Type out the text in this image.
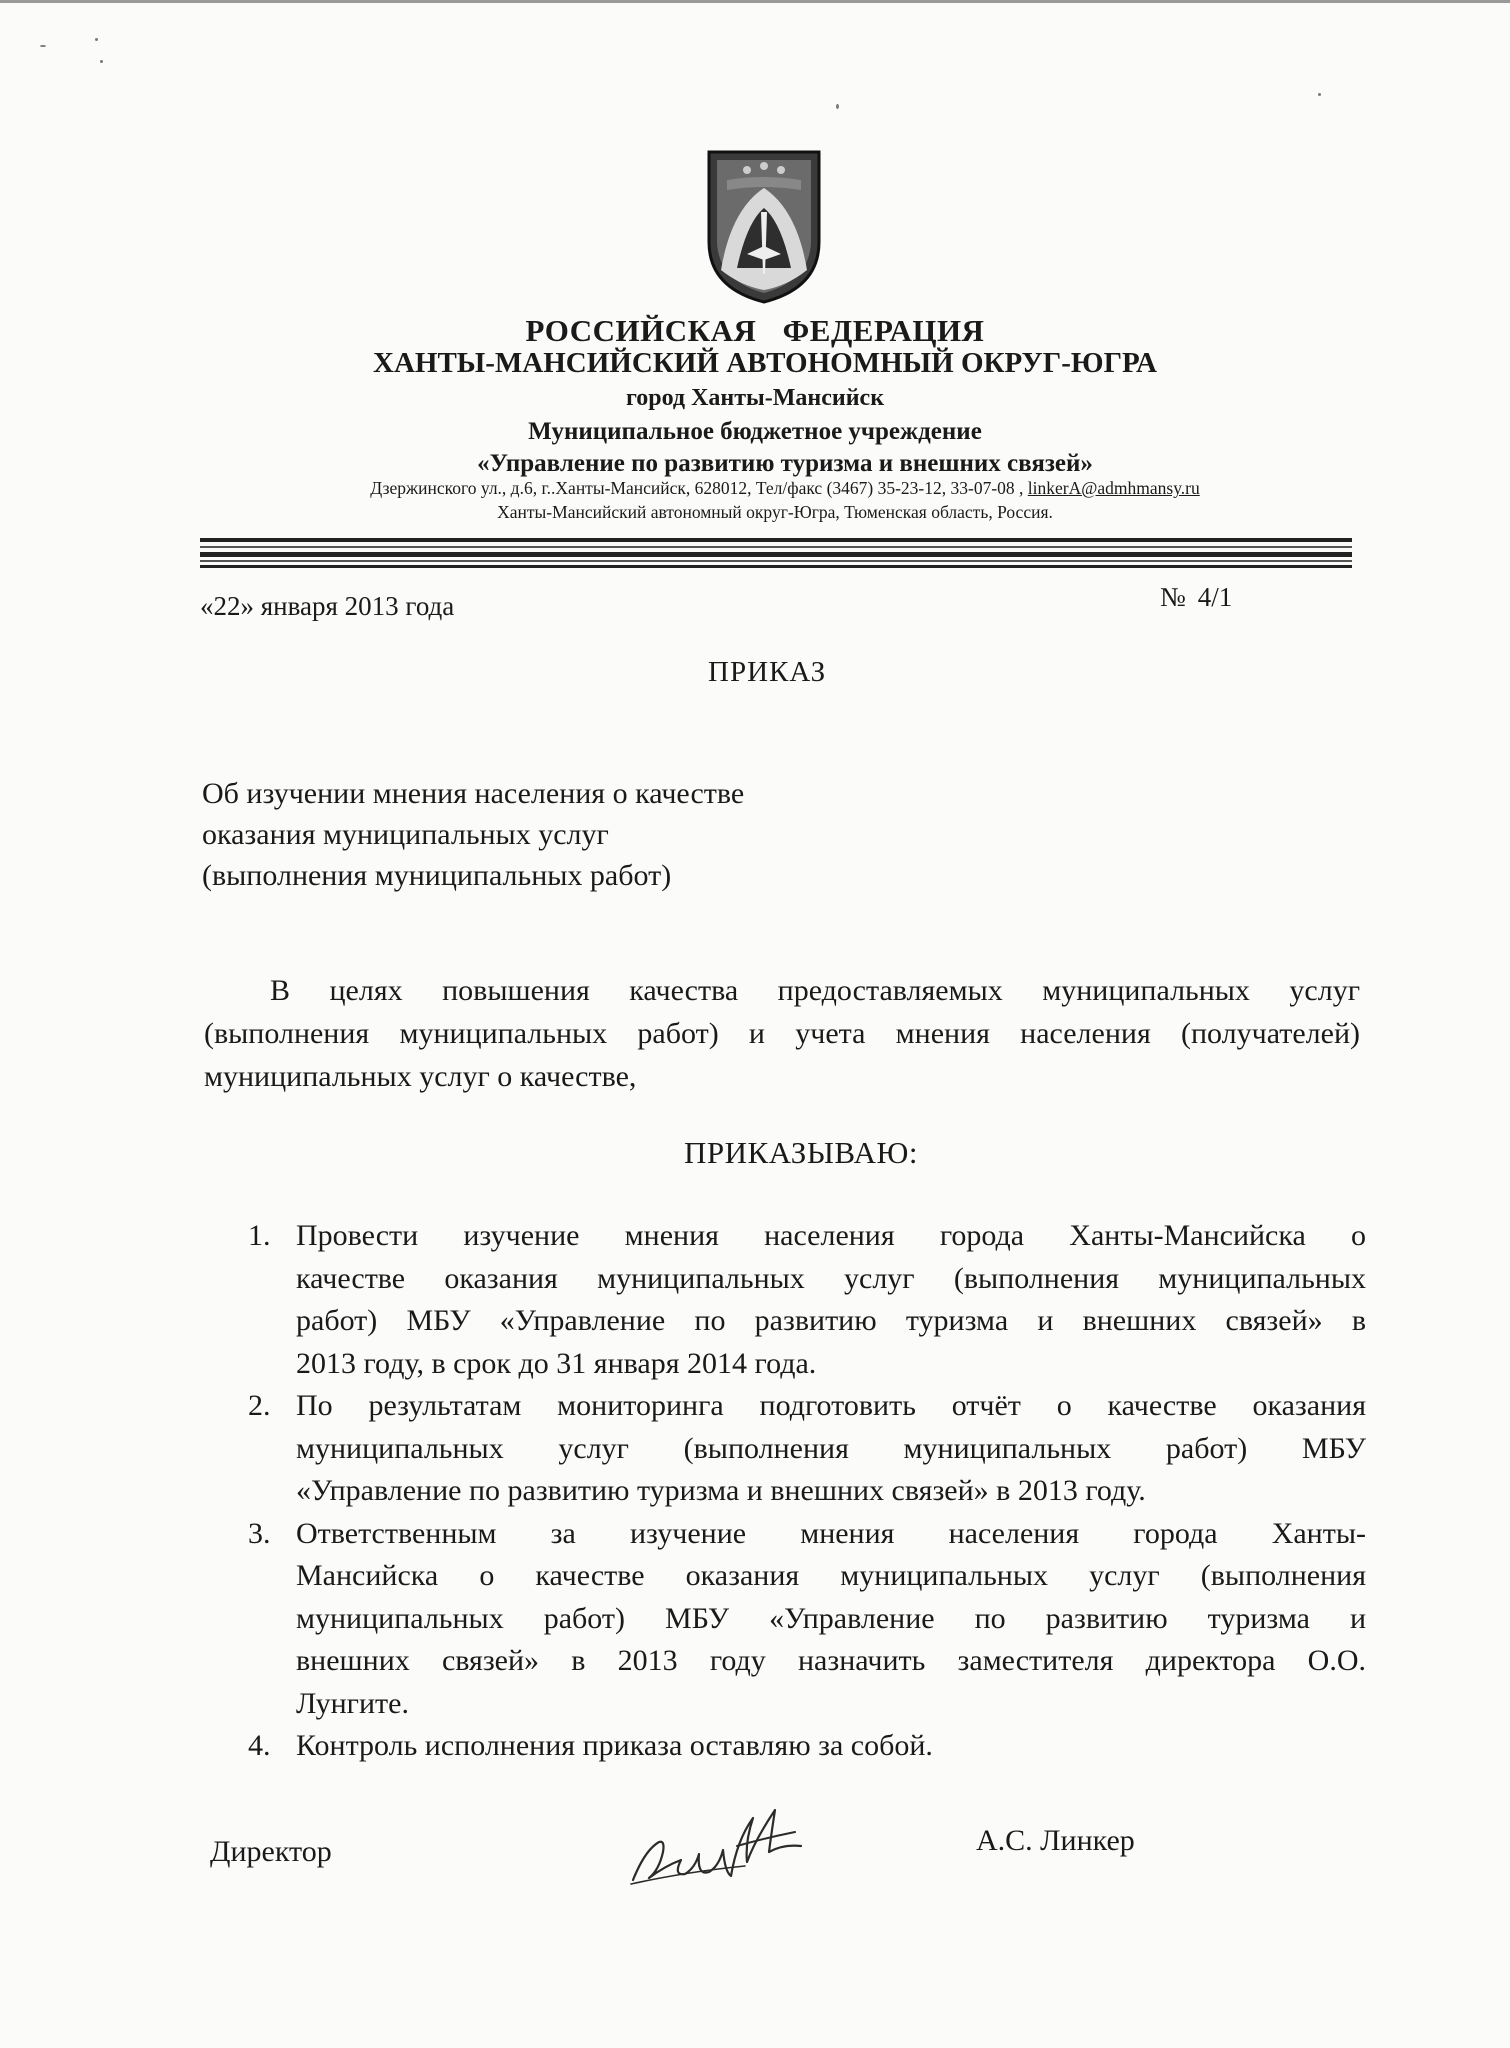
РОССИЙСКАЯ ФЕДЕРАЦИЯ
ХАНТЫ-МАНСИЙСКИЙ АВТОНОМНЫЙ ОКРУГ-ЮГРА
город Ханты-Мансийск
Муниципальное бюджетное учреждение
«Управление по развитию туризма и внешних связей»
Дзержинского ул., д.6, г..Ханты-Мансийск, 628012, Тел/факс (3467) 35-23-12, 33-07-08 , linkerA@admhmansy.ru
Ханты-Мансийский автономный округ-Югра, Тюменская область, Россия.
«22» января 2013 года	№ 4/1
ПРИКАЗ
Об изучении мнения населения о качестве
оказания муниципальных услуг
(выполнения муниципальных работ)
В целях повышения качества предоставляемых муниципальных услуг
(выполнения муниципальных работ) и учета мнения населения (получателей)
муниципальных услуг о качестве,
ПРИКАЗЫВАЮ:
1. Провести изучение мнения населения города Ханты-Мансийска о
качестве оказания муниципальных услуг (выполнения муниципальных
работ) МБУ «Управление по развитию туризма и внешних связей» в
2013 году, в срок до 31 января 2014 года.
2. По результатам мониторинга подготовить отчёт о качестве оказания
муниципальных услуг (выполнения муниципальных работ) МБУ
«Управление по развитию туризма и внешних связей» в 2013 году.
3. Ответственным за изучение мнения населения города Ханты-
Мансийска о качестве оказания муниципальных услуг (выполнения
муниципальных работ) МБУ «Управление по развитию туризма и
внешних связей» в 2013 году назначить заместителя директора О.О.
Лунгите.
4. Контроль исполнения приказа оставляю за собой.
Директор	А.С. Линкер
